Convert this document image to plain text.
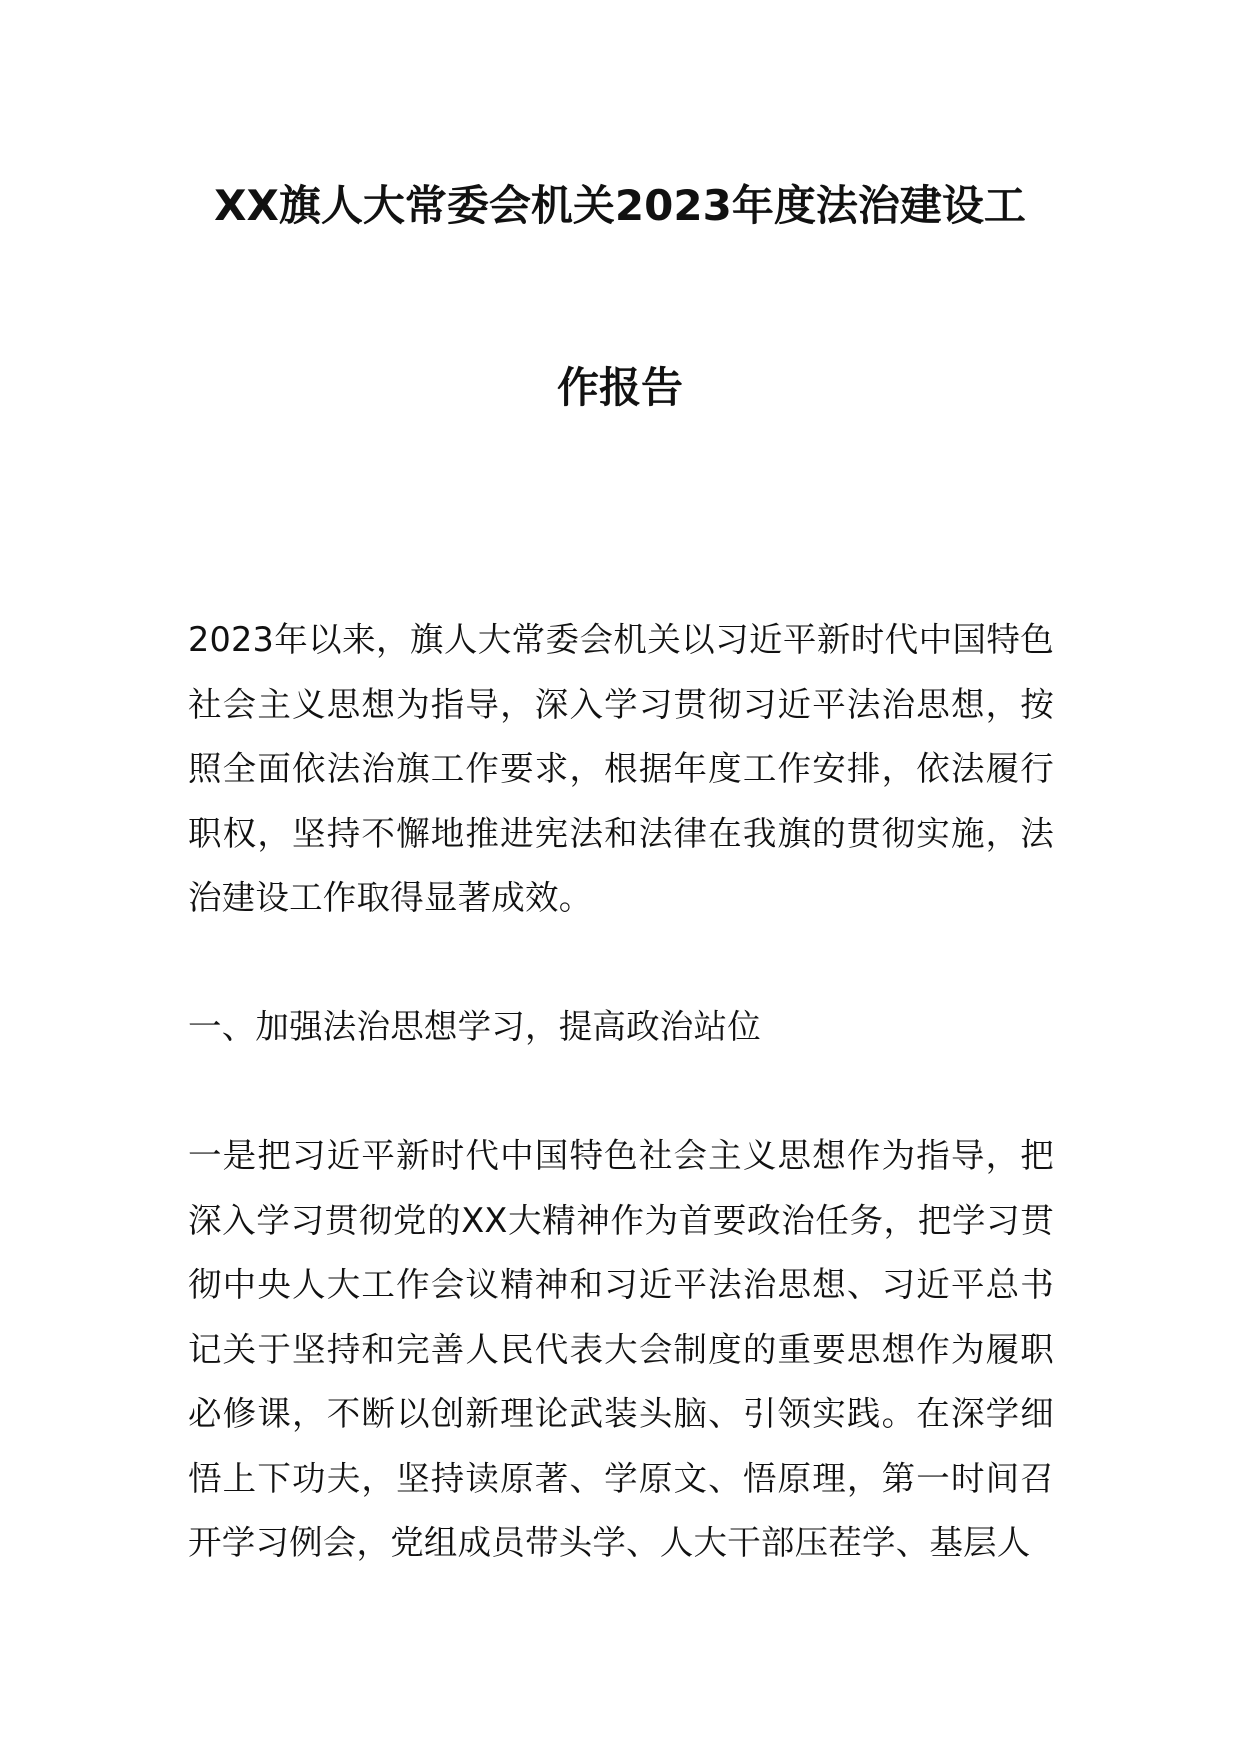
XX旗人大常委会机关2023年度法治建设工
作报告

2023年以来，旗人大常委会机关以习近平新时代中国特色社会主义思想为指导，深入学习贯彻习近平法治思想，按照全面依法治旗工作要求，根据年度工作安排，依法履行职权，坚持不懈地推进宪法和法律在我旗的贯彻实施，法治建设工作取得显著成效。

一、加强法治思想学习，提高政治站位

一是把习近平新时代中国特色社会主义思想作为指导，把深入学习贯彻党的XX大精神作为首要政治任务，把学习贯彻中央人大工作会议精神和习近平法治思想、习近平总书记关于坚持和完善人民代表大会制度的重要思想作为履职必修课，不断以创新理论武装头脑、引领实践。在深学细悟上下功夫，坚持读原著、学原文、悟原理，第一时间召开学习例会，党组成员带头学、人大干部压茬学、基层人
